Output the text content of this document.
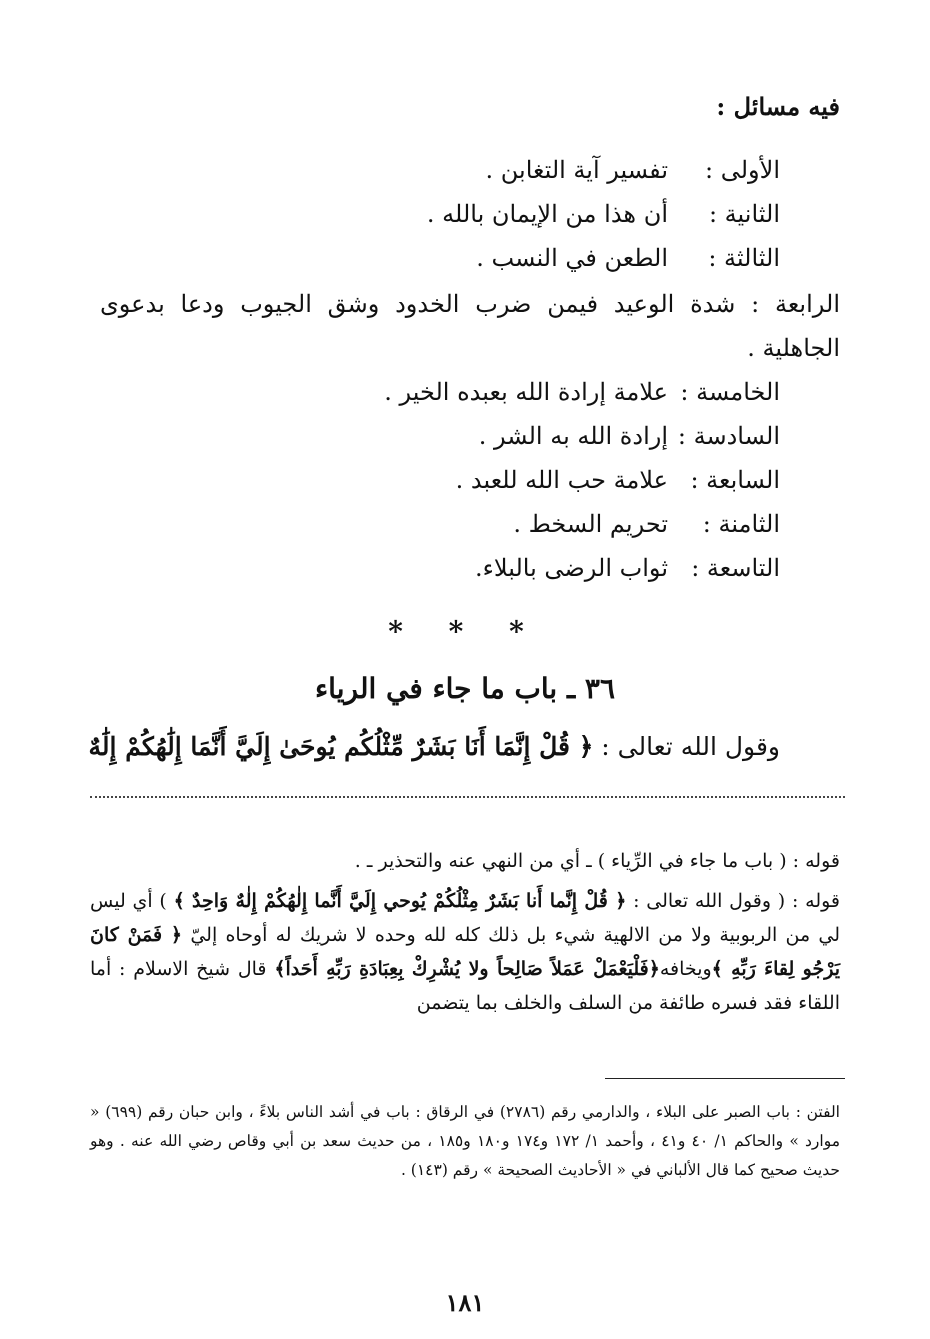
فيه مسائل :
الأولى :تفسير آية التغابن .
الثانية :أن هذا من الإيمان بالله .
الثالثة :الطعن في النسب .
الرابعة : شدة الوعيد فيمن ضرب الخدود وشق الجيوب ودعا بدعوى الجاهلية .
الخامسة :علامة إرادة الله بعبده الخير .
السادسة :إرادة الله به الشر .
السابعة :علامة حب الله للعبد .
الثامنة :تحريم السخط .
التاسعة :ثواب الرضى بالبلاء.
* * *
٣٦ ـ باب ما جاء في الرياء
وقول الله تعالى : ﴿ قُلْ إِنَّمَا أَنَا بَشَرٌ مِّثْلُكُم يُوحَىٰ إِلَيَّ أَنَّمَا إِلَٰهُكُمْ إِلَٰهٌ
قوله : ( باب ما جاء في الرِّياء ) ـ أي من النهي عنه والتحذير ـ .
قوله : ( وقول الله تعالى : ﴿ قُلْ إِنَّما أَنا بَشَرٌ مِثْلُكُمْ يُوحي إِلَيَّ أَنَّما إِلٰهُكُمْ إِلٰهٌ وَاحِدٌ ﴾ ) أي ليس لي من الربوبية ولا من الالهية شيء بل ذلك كله لله وحده لا شريك له أوحاه إليّ ﴿ فَمَنْ كانَ يَرْجُو لِقاءَ رَبِّهِ ﴾ويخافه﴿فَلْيَعْمَلْ عَمَلاً صَالِحاً ولا يُشْرِكْ بِعِبَادَةِ رَبِّهِ أَحَداً﴾ قال شيخ الاسلام : أما اللقاء فقد فسره طائفة من السلف والخلف بما يتضمن
الفتن : باب الصبر على البلاء ، والدارمي رقم (٢٧٨٦) في الرقاق : باب في أشد الناس بلاءً ، وابن حبان رقم (٦٩٩) « موارد » والحاكم ١/ ٤٠ و٤١ ، وأحمد ١/ ١٧٢ و١٧٤ و١٨٠ و١٨٥ ، من حديث سعد بن أبي وقاص رضي الله عنه . وهو حديث صحيح كما قال الألباني في « الأحاديث الصحيحة » رقم (١٤٣) .
١٨١
